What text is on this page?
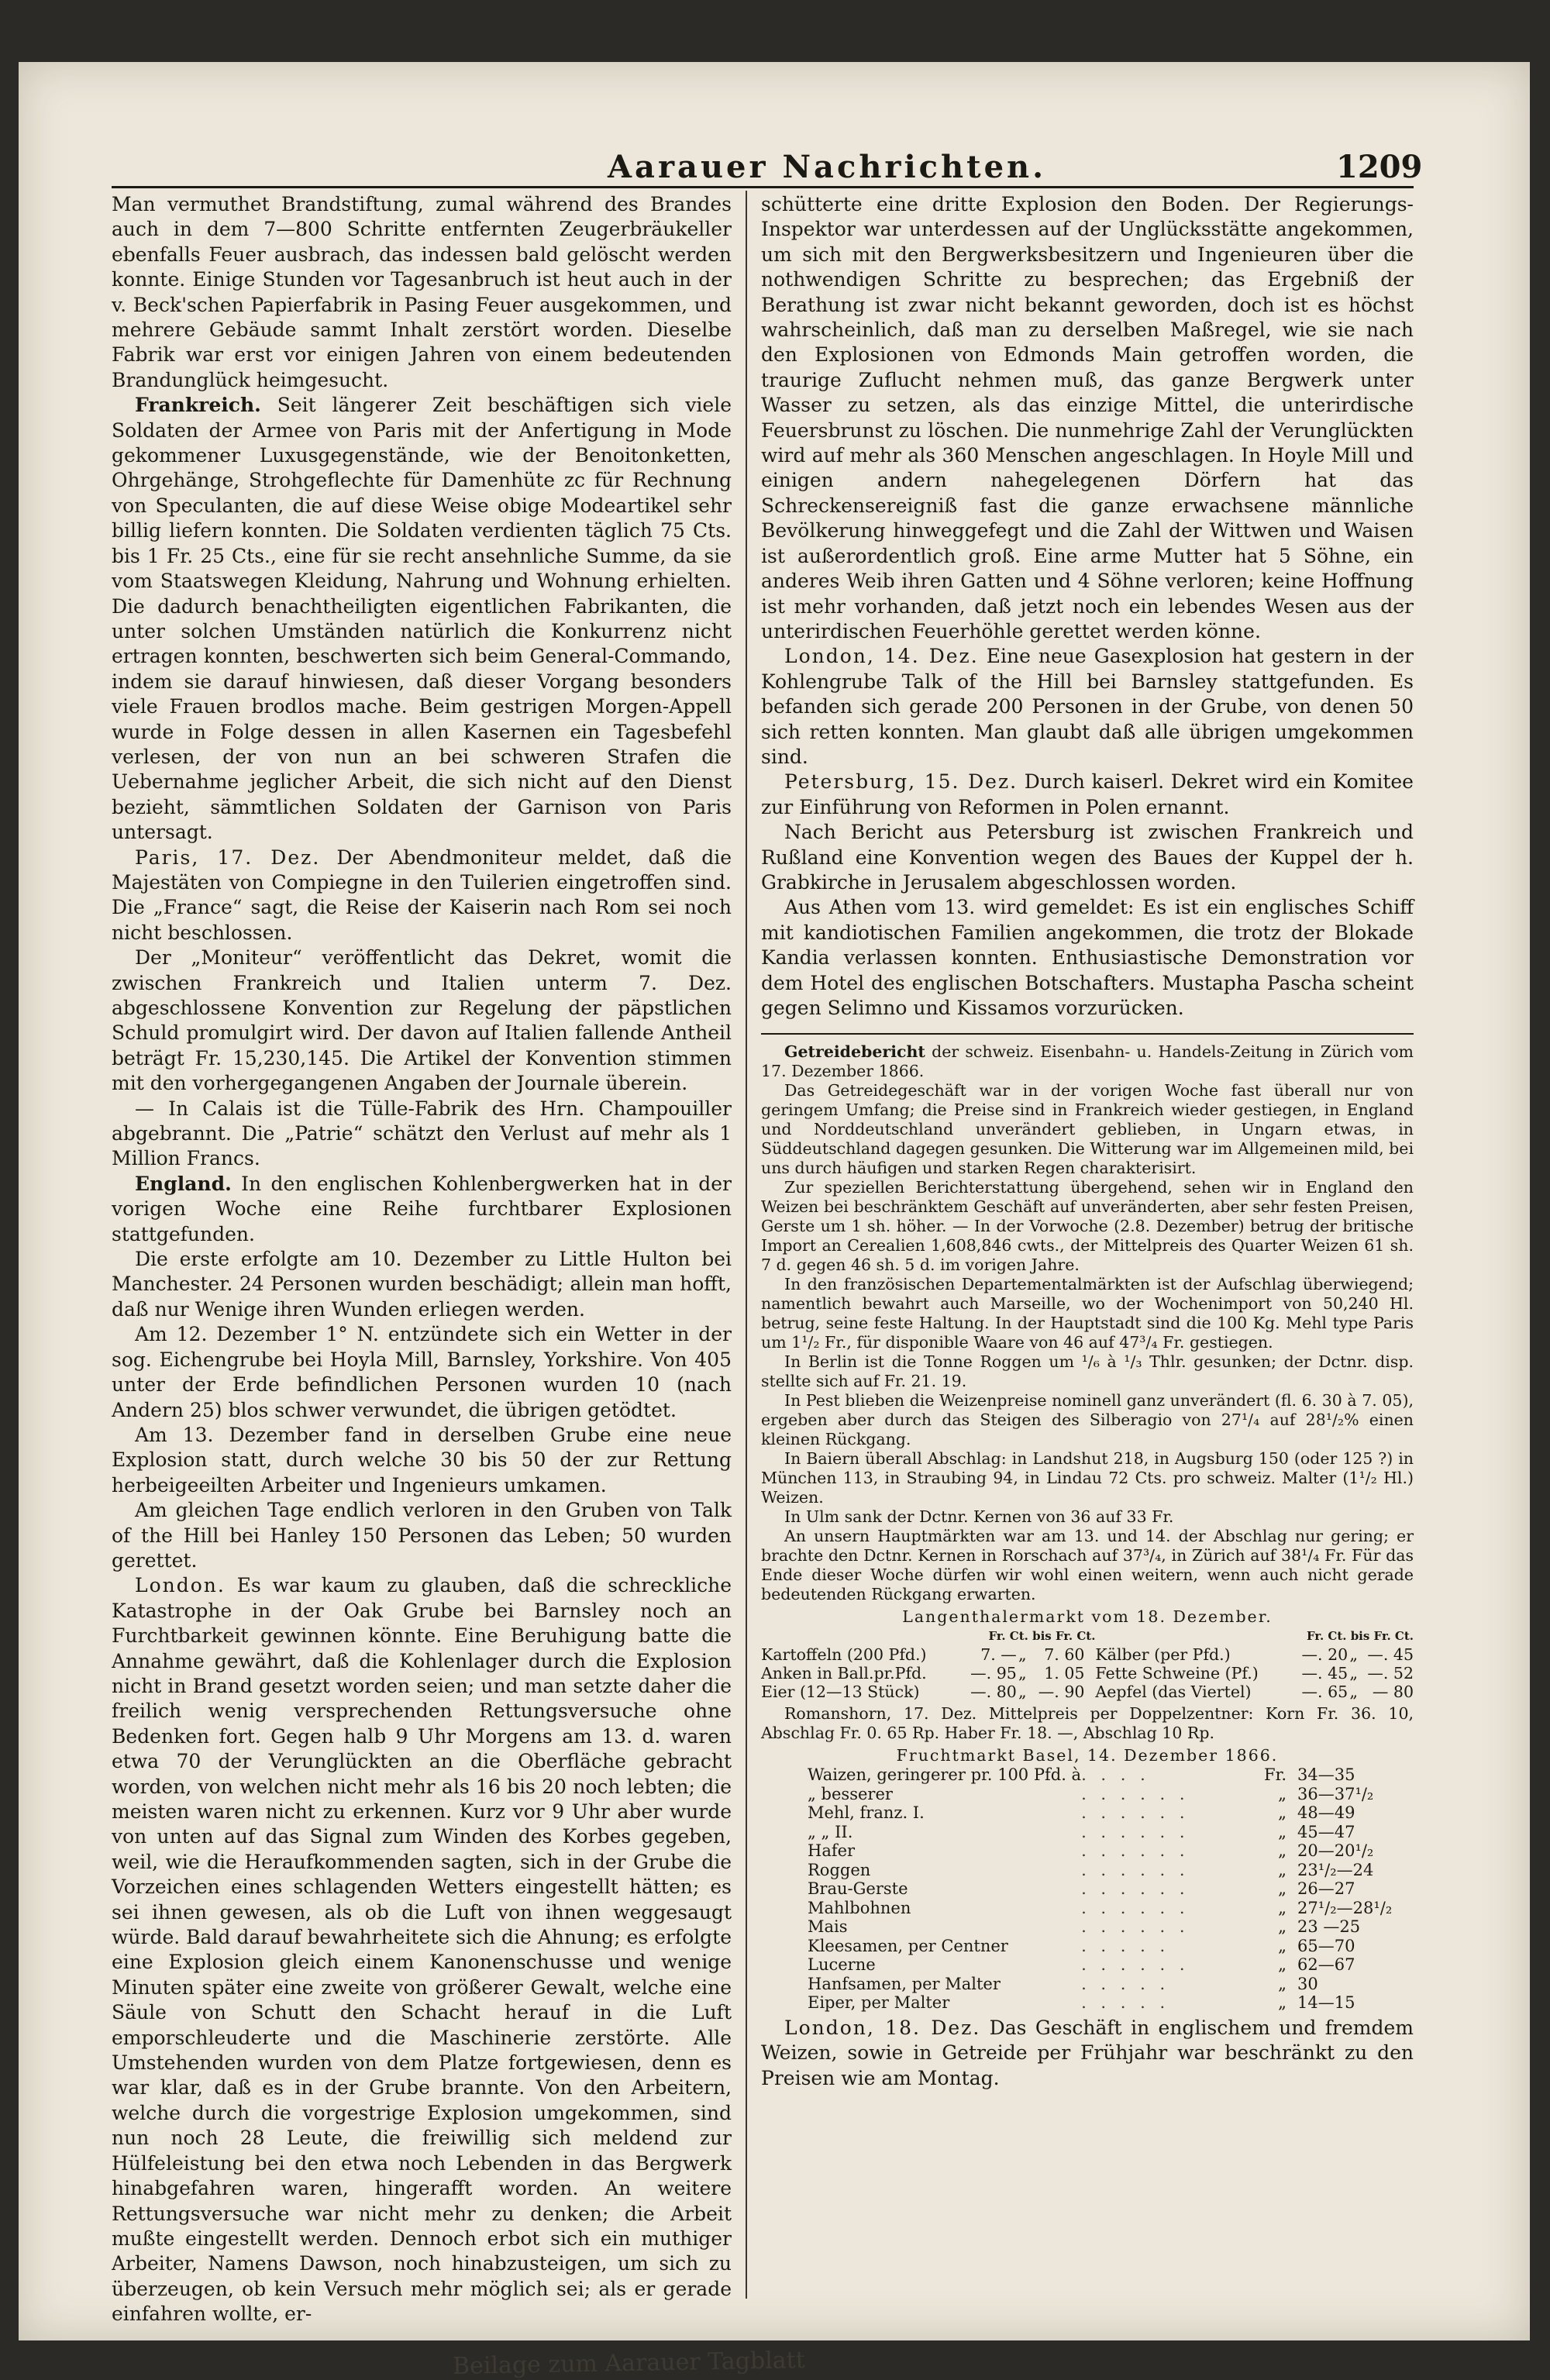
Aarauer Nachrichten.	1209

Man vermuthet Brandstiftung, zumal während des Brandes auch in dem 7—800 Schritte entfernten Zeugerbräukeller ebenfalls Feuer ausbrach, das indessen bald gelöscht werden konnte. Einige Stunden vor Tagesanbruch ist heut auch in der v. Beck'schen Papierfabrik in Pasing Feuer ausgekommen, und mehrere Gebäude sammt Inhalt zerstört worden. Dieselbe Fabrik war erst vor einigen Jahren von einem bedeutenden Brandunglück heimgesucht.

Frankreich. Seit längerer Zeit beschäftigen sich viele Soldaten der Armee von Paris mit der Anfertigung in Mode gekommener Luxusgegenstände, wie der Benoitonketten, Ohrgehänge, Strohgeflechte für Damenhüte zc für Rechnung von Speculanten, die auf diese Weise obige Modeartikel sehr billig liefern konnten. Die Soldaten verdienten täglich 75 Cts. bis 1 Fr. 25 Cts., eine für sie recht ansehnliche Summe, da sie vom Staatswegen Kleidung, Nahrung und Wohnung erhielten. Die dadurch benachtheiligten eigentlichen Fabrikanten, die unter solchen Umständen natürlich die Konkurrenz nicht ertragen konnten, beschwerten sich beim General-Commando, indem sie darauf hinwiesen, daß dieser Vorgang besonders viele Frauen brodlos mache. Beim gestrigen Morgen-Appell wurde in Folge dessen in allen Kasernen ein Tagesbefehl verlesen, der von nun an bei schweren Strafen die Uebernahme jeglicher Arbeit, die sich nicht auf den Dienst bezieht, sämmtlichen Soldaten der Garnison von Paris untersagt.

Paris, 17. Dez. Der Abendmoniteur meldet, daß die Majestäten von Compiegne in den Tuilerien eingetroffen sind. Die „France“ sagt, die Reise der Kaiserin nach Rom sei noch nicht beschlossen.

Der „Moniteur“ veröffentlicht das Dekret, womit die zwischen Frankreich und Italien unterm 7. Dez. abgeschlossene Konvention zur Regelung der päpstlichen Schuld promulgirt wird. Der davon auf Italien fallende Antheil beträgt Fr. 15,230,145. Die Artikel der Konvention stimmen mit den vorhergegangenen Angaben der Journale überein.

— In Calais ist die Tülle-Fabrik des Hrn. Champouiller abgebrannt. Die „Patrie“ schätzt den Verlust auf mehr als 1 Million Francs.

England. In den englischen Kohlenbergwerken hat in der vorigen Woche eine Reihe furchtbarer Explosionen stattgefunden.

Die erste erfolgte am 10. Dezember zu Little Hulton bei Manchester. 24 Personen wurden beschädigt; allein man hofft, daß nur Wenige ihren Wunden erliegen werden.

Am 12. Dezember 1° N. entzündete sich ein Wetter in der sog. Eichengrube bei Hoyla Mill, Barnsley, Yorkshire. Von 405 unter der Erde befindlichen Personen wurden 10 (nach Andern 25) blos schwer verwundet, die übrigen getödtet.

Am 13. Dezember fand in derselben Grube eine neue Explosion statt, durch welche 30 bis 50 der zur Rettung herbeigeeilten Arbeiter und Ingenieurs umkamen.

Am gleichen Tage endlich verloren in den Gruben von Talk of the Hill bei Hanley 150 Personen das Leben; 50 wurden gerettet.

London. Es war kaum zu glauben, daß die schreckliche Katastrophe in der Oak Grube bei Barnsley noch an Furchtbarkeit gewinnen könnte. Eine Beruhigung batte die Annahme gewährt, daß die Kohlenlager durch die Explosion nicht in Brand gesetzt worden seien; und man setzte daher die freilich wenig versprechenden Rettungsversuche ohne Bedenken fort. Gegen halb 9 Uhr Morgens am 13. d. waren etwa 70 der Verunglückten an die Oberfläche gebracht worden, von welchen nicht mehr als 16 bis 20 noch lebten; die meisten waren nicht zu erkennen. Kurz vor 9 Uhr aber wurde von unten auf das Signal zum Winden des Korbes gegeben, weil, wie die Heraufkommenden sagten, sich in der Grube die Vorzeichen eines schlagenden Wetters eingestellt hätten; es sei ihnen gewesen, als ob die Luft von ihnen weggesaugt würde. Bald darauf bewahrheitete sich die Ahnung; es erfolgte eine Explosion gleich einem Kanonenschusse und wenige Minuten später eine zweite von größerer Gewalt, welche eine Säule von Schutt den Schacht herauf in die Luft emporschleuderte und die Maschinerie zerstörte. Alle Umstehenden wurden von dem Platze fortgewiesen, denn es war klar, daß es in der Grube brannte. Von den Arbeitern, welche durch die vorgestrige Explosion umgekommen, sind nun noch 28 Leute, die freiwillig sich meldend zur Hülfeleistung bei den etwa noch Lebenden in das Bergwerk hinabgefahren waren, hingerafft worden. An weitere Rettungsversuche war nicht mehr zu denken; die Arbeit mußte eingestellt werden. Dennoch erbot sich ein muthiger Arbeiter, Namens Dawson, noch hinabzusteigen, um sich zu überzeugen, ob kein Versuch mehr möglich sei; als er gerade einfahren wollte, er-

schütterte eine dritte Explosion den Boden. Der Regierungs-Inspektor war unterdessen auf der Unglücksstätte angekommen, um sich mit den Bergwerksbesitzern und Ingenieuren über die nothwendigen Schritte zu besprechen; das Ergebniß der Berathung ist zwar nicht bekannt geworden, doch ist es höchst wahrscheinlich, daß man zu derselben Maßregel, wie sie nach den Explosionen von Edmonds Main getroffen worden, die traurige Zuflucht nehmen muß, das ganze Bergwerk unter Wasser zu setzen, als das einzige Mittel, die unterirdische Feuersbrunst zu löschen. Die nunmehrige Zahl der Verunglückten wird auf mehr als 360 Menschen angeschlagen. In Hoyle Mill und einigen andern nahegelegenen Dörfern hat das Schreckensereigniß fast die ganze erwachsene männliche Bevölkerung hinweggefegt und die Zahl der Wittwen und Waisen ist außerordentlich groß. Eine arme Mutter hat 5 Söhne, ein anderes Weib ihren Gatten und 4 Söhne verloren; keine Hoffnung ist mehr vorhanden, daß jetzt noch ein lebendes Wesen aus der unterirdischen Feuerhöhle gerettet werden könne.

London, 14. Dez. Eine neue Gasexplosion hat gestern in der Kohlengrube Talk of the Hill bei Barnsley stattgefunden. Es befanden sich gerade 200 Personen in der Grube, von denen 50 sich retten konnten. Man glaubt daß alle übrigen umgekommen sind.

Petersburg, 15. Dez. Durch kaiserl. Dekret wird ein Komitee zur Einführung von Reformen in Polen ernannt.

Nach Bericht aus Petersburg ist zwischen Frankreich und Rußland eine Konvention wegen des Baues der Kuppel der h. Grabkirche in Jerusalem abgeschlossen worden.

Aus Athen vom 13. wird gemeldet: Es ist ein englisches Schiff mit kandiotischen Familien angekommen, die trotz der Blokade Kandia verlassen konnten. Enthusiastische Demonstration vor dem Hotel des englischen Botschafters. Mustapha Pascha scheint gegen Selimno und Kissamos vorzurücken.

Getreidebericht der schweiz. Eisenbahn- u. Handels-Zeitung in Zürich vom 17. Dezember 1866.

Das Getreidegeschäft war in der vorigen Woche fast überall nur von geringem Umfang; die Preise sind in Frankreich wieder gestiegen, in England und Norddeutschland unverändert geblieben, in Ungarn etwas, in Süddeutschland dagegen gesunken. Die Witterung war im Allgemeinen mild, bei uns durch häufigen und starken Regen charakterisirt.

Zur speziellen Berichterstattung übergehend, sehen wir in England den Weizen bei beschränktem Geschäft auf unveränderten, aber sehr festen Preisen, Gerste um 1 sh. höher. — In der Vorwoche (2.8. Dezember) betrug der britische Import an Cerealien 1,608,846 cwts., der Mittelpreis des Quarter Weizen 61 sh. 7 d. gegen 46 sh. 5 d. im vorigen Jahre.

In den französischen Departementalmärkten ist der Aufschlag überwiegend; namentlich bewahrt auch Marseille, wo der Wochenimport von 50,240 Hl. betrug, seine feste Haltung. In der Hauptstadt sind die 100 Kg. Mehl type Paris um 1¹/₂ Fr., für disponible Waare von 46 auf 47³/₄ Fr. gestiegen.

In Berlin ist die Tonne Roggen um ¹/₆ à ¹/₃ Thlr. gesunken; der Dctnr. disp. stellte sich auf Fr. 21. 19.

In Pest blieben die Weizenpreise nominell ganz unverändert (fl. 6. 30 à 7. 05), ergeben aber durch das Steigen des Silberagio von 27¹/₄ auf 28¹/₂% einen kleinen Rückgang.

In Baiern überall Abschlag: in Landshut 218, in Augsburg 150 (oder 125 ?) in München 113, in Straubing 94, in Lindau 72 Cts. pro schweiz. Malter (1¹/₂ Hl.) Weizen.

In Ulm sank der Dctnr. Kernen von 36 auf 33 Fr.

An unsern Hauptmärkten war am 13. und 14. der Abschlag nur gering; er brachte den Dctnr. Kernen in Rorschach auf 37³/₄, in Zürich auf 38¹/₄ Fr. Für das Ende dieser Woche dürfen wir wohl einen weitern, wenn auch nicht gerade bedeutenden Rückgang erwarten.

Langenthalermarkt vom 18. Dezember.
Fr. Ct. bis Fr. Ct.				Fr. Ct. bis Fr. Ct.			
Kartoffeln (200 Pfd.)	7. —	„	7. 60	Kälber (per Pfd.)	—. 20	„	—. 45
Anken in Ball.pr.Pfd.	—. 95	„	1. 05	Fette Schweine (Pf.)	—. 45	„	—. 52
Eier (12—13 Stück)	—. 80	„	—. 90	Aepfel (das Viertel)	—. 65	„	— 80

Romanshorn, 17. Dez. Mittelpreis per Doppelzentner: Korn Fr. 36. 10, Abschlag Fr. 0. 65 Rp. Haber Fr. 18. —, Abschlag 10 Rp.

Fruchtmarkt Basel, 14. Dezember 1866.
Waizen, geringerer pr. 100 Pfd. à	. . . .	Fr.	34—35
„ besserer	. . . . . .	„	36—37¹/₂
Mehl, franz. I.	. . . . . .	„	48—49
„ „ II.	. . . . . .	„	45—47
Hafer	. . . . . .	„	20—20¹/₂
Roggen	. . . . . .	„	23¹/₂—24
Brau-Gerste	. . . . . .	„	26—27
Mahlbohnen	. . . . . .	„	27¹/₂—28¹/₂
Mais	. . . . . .	„	23 —25
Kleesamen, per Centner	. . . . .	„	65—70
Lucerne	. . . . . .	„	62—67
Hanfsamen, per Malter	. . . . .	„	30
Eiper, per Malter	. . . . .	„	14—15

London, 18. Dez. Das Geschäft in englischem und fremdem Weizen, sowie in Getreide per Frühjahr war beschränkt zu den Preisen wie am Montag.

Beilage zum Aarauer Tagblatt
